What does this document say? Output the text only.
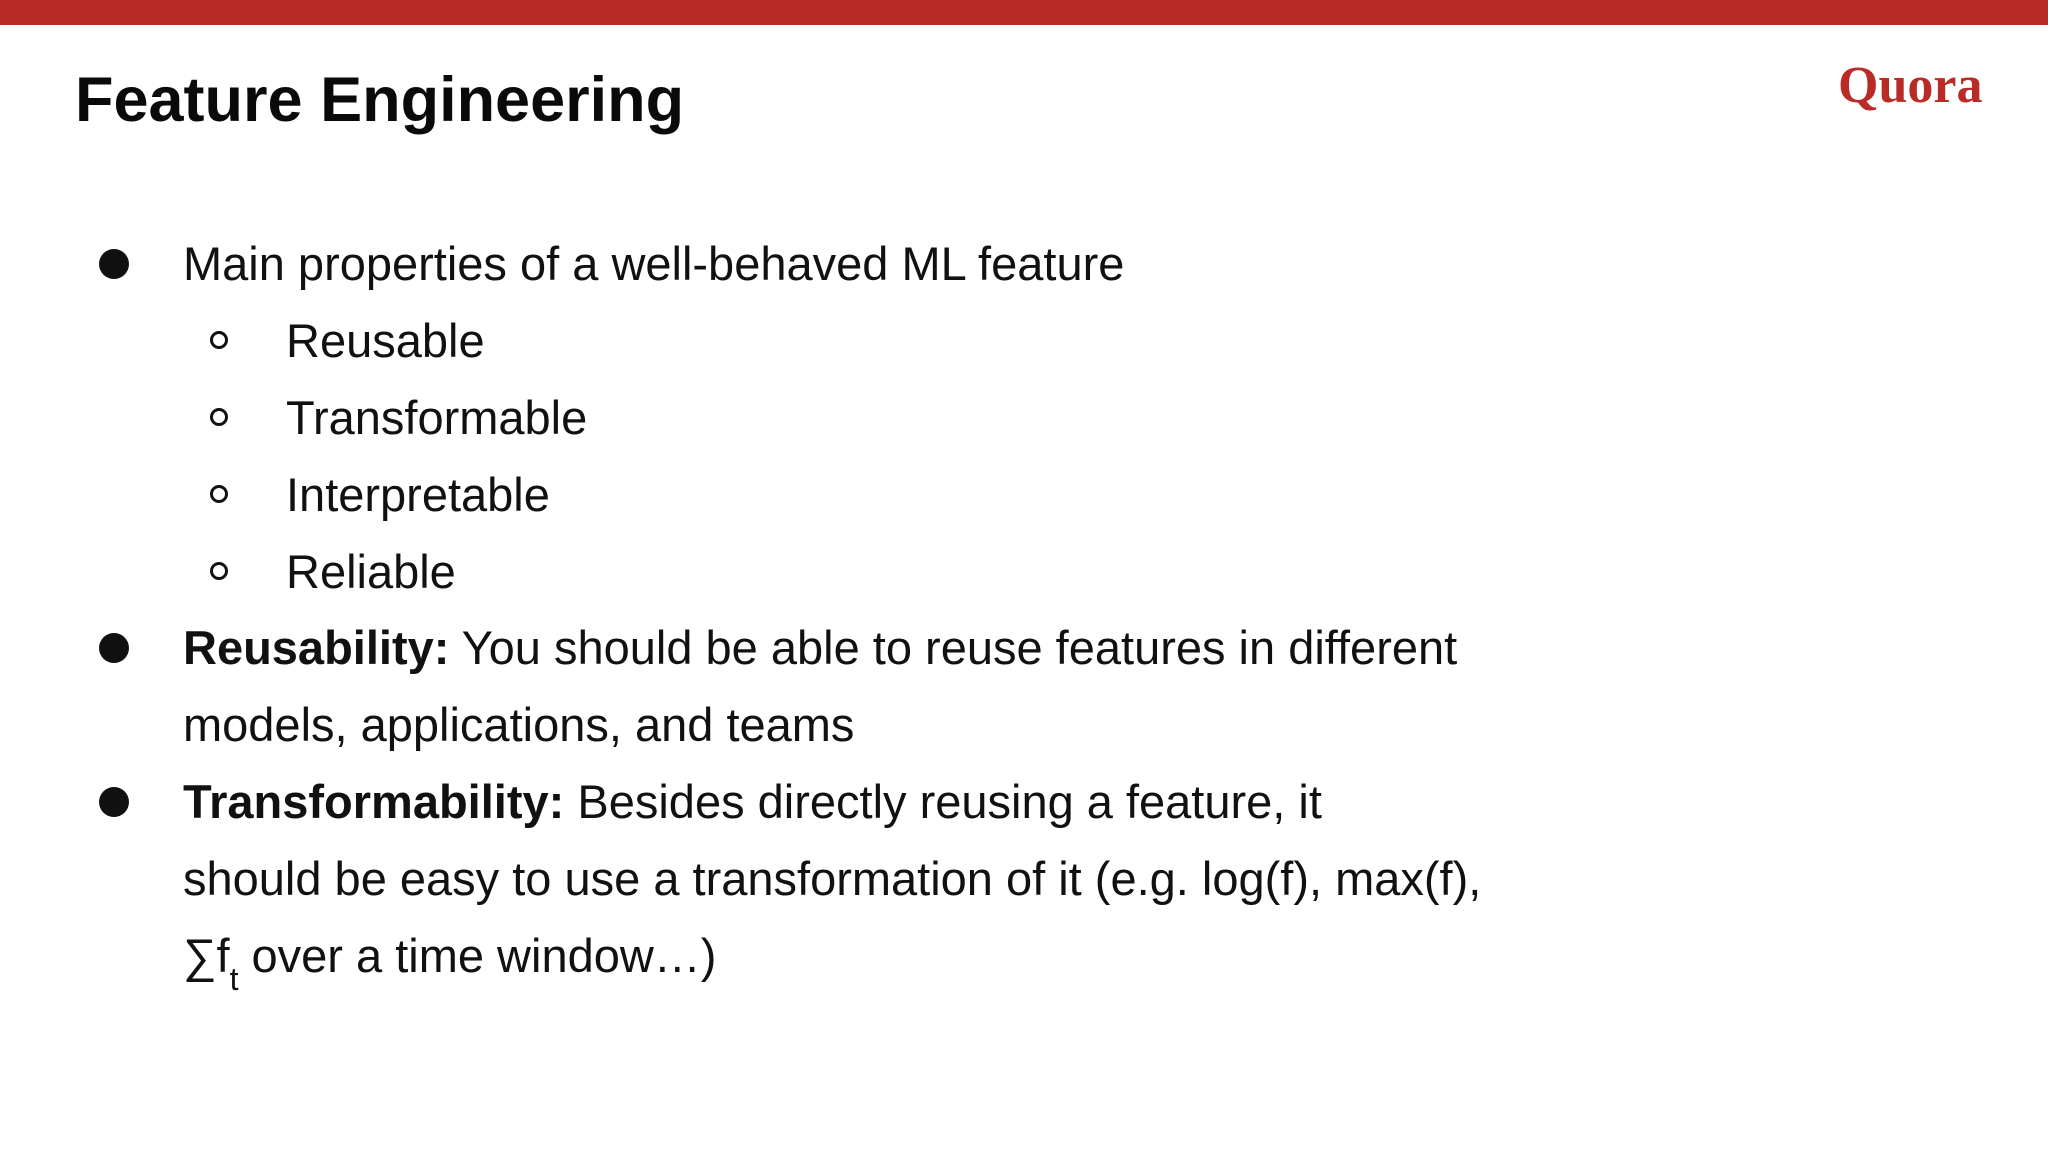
Feature Engineering	Quora
Main properties of a well-behaved ML feature
Reusable
Transformable
Interpretable
Reliable
Reusability: You should be able to reuse features in different
models, applications, and teams
Transformability: Besides directly reusing a feature, it
should be easy to use a transformation of it (e.g. log(f), max(f),
$\sum f_t$ over a time window…)
